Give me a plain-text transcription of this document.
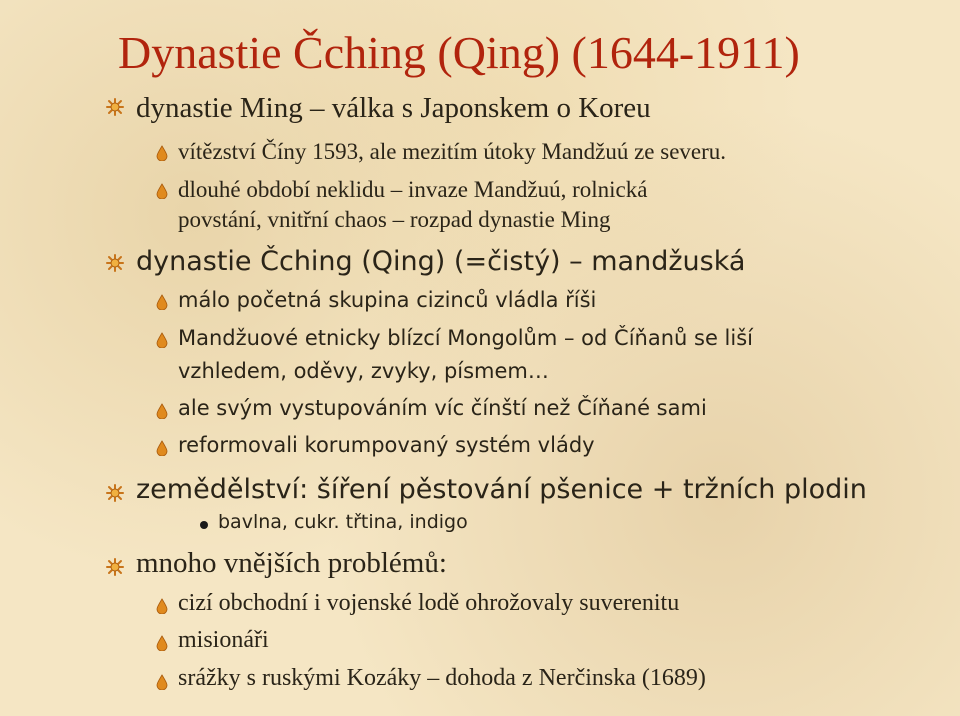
Dynastie Čching (Qing) (1644-1911)
dynastie Ming – válka s Japonskem o Koreu
vítězství Číny 1593, ale mezitím útoky Mandžuú ze severu.
dlouhé období neklidu – invaze Mandžuú, rolnická
povstání, vnitřní chaos – rozpad dynastie Ming
dynastie Čching (Qing) (=čistý) – mandžuská
málo početná skupina cizinců vládla říši
Mandžuové etnicky blízcí Mongolům – od Číňanů se liší
vzhledem, oděvy, zvyky, písmem…
ale svým vystupováním víc čínští než Číňané sami
reformovali korumpovaný systém vlády
zemědělství: šíření pěstování pšenice + tržních plodin
bavlna, cukr. třtina, indigo
mnoho vnějších problémů:
cizí obchodní i vojenské lodě ohrožovaly suverenitu
misionáři
srážky s ruskými Kozáky – dohoda z Nerčinska (1689)
